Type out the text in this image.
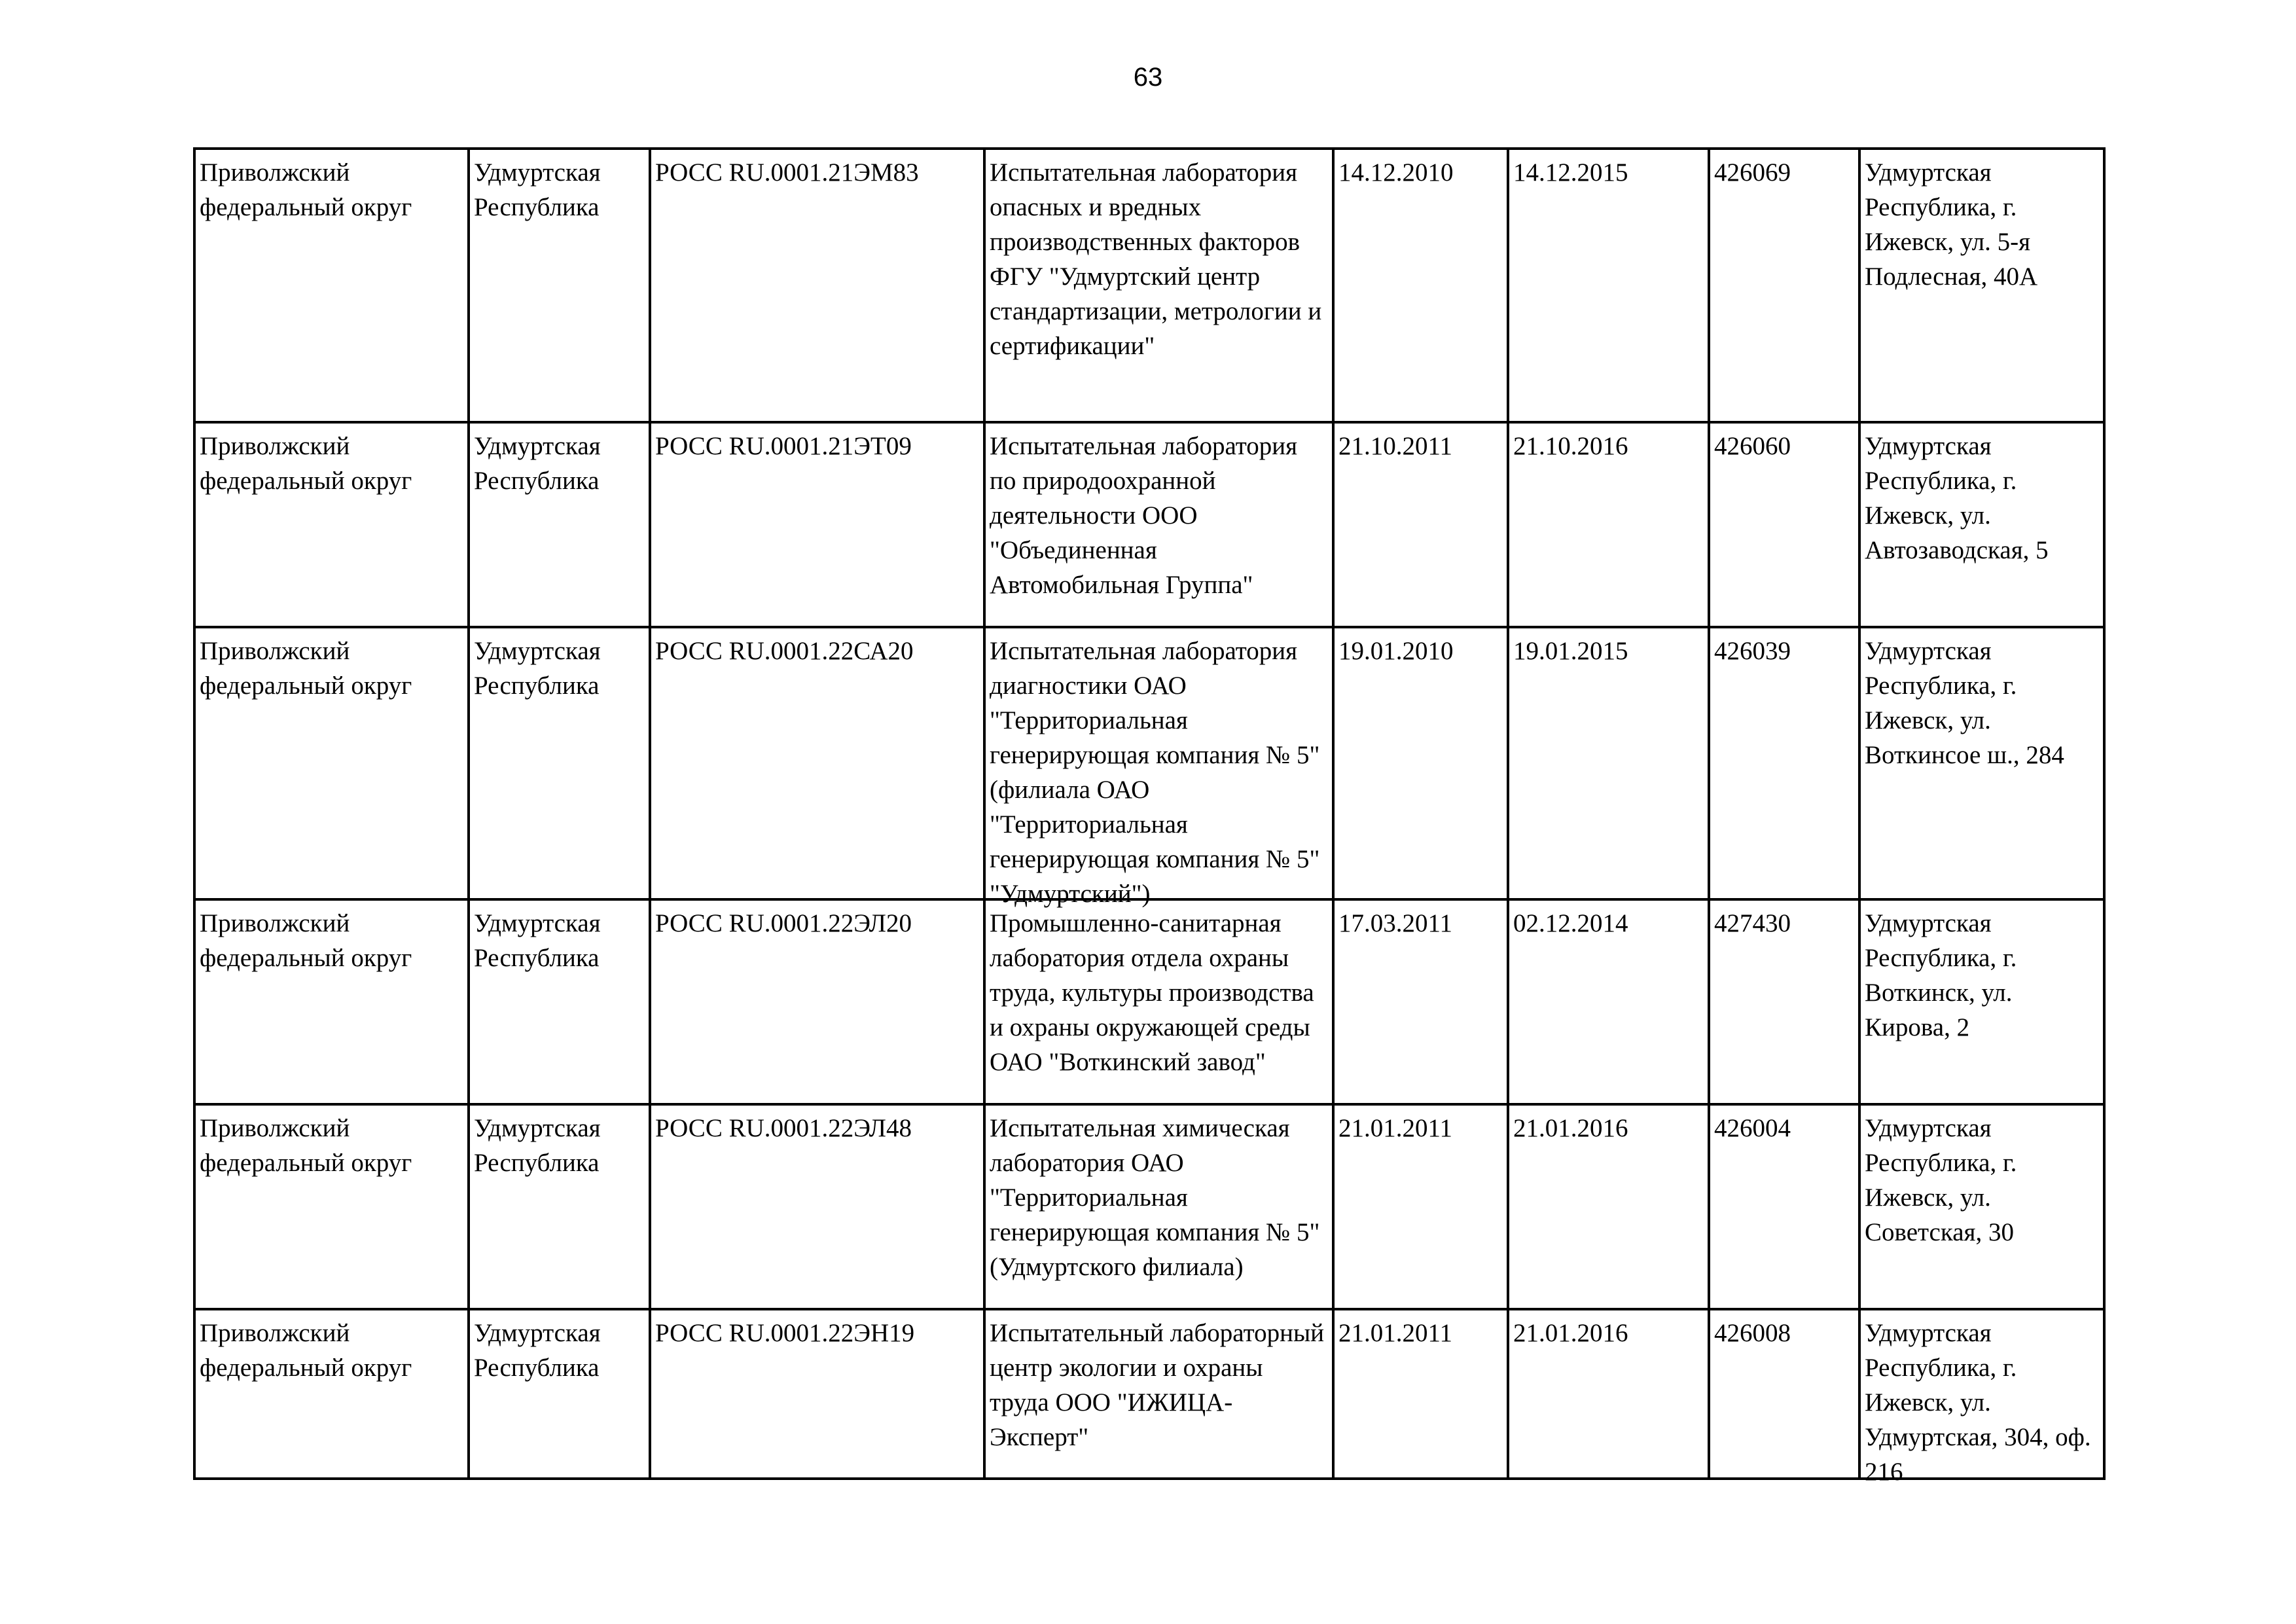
63
Приволжский федеральный округ	Удмуртская Республика	РОСС RU.0001.21ЭМ83	Испытательная лаборатория опасных и вредных производственных факторов ФГУ "Удмуртский центр стандартизации, метрологии и сертификации"	14.12.2010	14.12.2015	426069	Удмуртская Республика, г. Ижевск, ул. 5-я Подлесная, 40А

Приволжский федеральный округ	Удмуртская Республика	РОСС RU.0001.21ЭТ09	Испытательная лаборатория по природоохранной деятельности ООО "Объединенная Автомобильная Группа"	21.10.2011	21.10.2016	426060	Удмуртская Республика, г. Ижевск, ул. Автозаводская, 5

Приволжский федеральный округ	Удмуртская Республика	РОСС RU.0001.22СА20	Испытательная лаборатория диагностики ОАО "Территориальная генерирующая компания № 5" (филиала ОАО "Территориальная генерирующая компания № 5" "Удмуртский")	19.01.2010	19.01.2015	426039	Удмуртская Республика, г. Ижевск, ул. Воткинсое ш., 284

Приволжский федеральный округ	Удмуртская Республика	РОСС RU.0001.22ЭЛ20	Промышленно-санитарная лаборатория отдела охраны труда, культуры производства и охраны окружающей среды ОАО "Воткинский завод"	17.03.2011	02.12.2014	427430	Удмуртская Республика, г. Воткинск, ул. Кирова, 2

Приволжский федеральный округ	Удмуртская Республика	РОСС RU.0001.22ЭЛ48	Испытательная химическая лаборатория ОАО "Территориальная генерирующая компания № 5" (Удмуртского филиала)	21.01.2011	21.01.2016	426004	Удмуртская Республика, г. Ижевск, ул. Советская, 30

Приволжский федеральный округ	Удмуртская Республика	РОСС RU.0001.22ЭН19	Испытательный лабораторный центр экологии и охраны труда ООО "ИЖИЦА-Эксперт"	21.01.2011	21.01.2016	426008	Удмуртская Республика, г. Ижевск, ул. Удмуртская, 304, оф. 216
